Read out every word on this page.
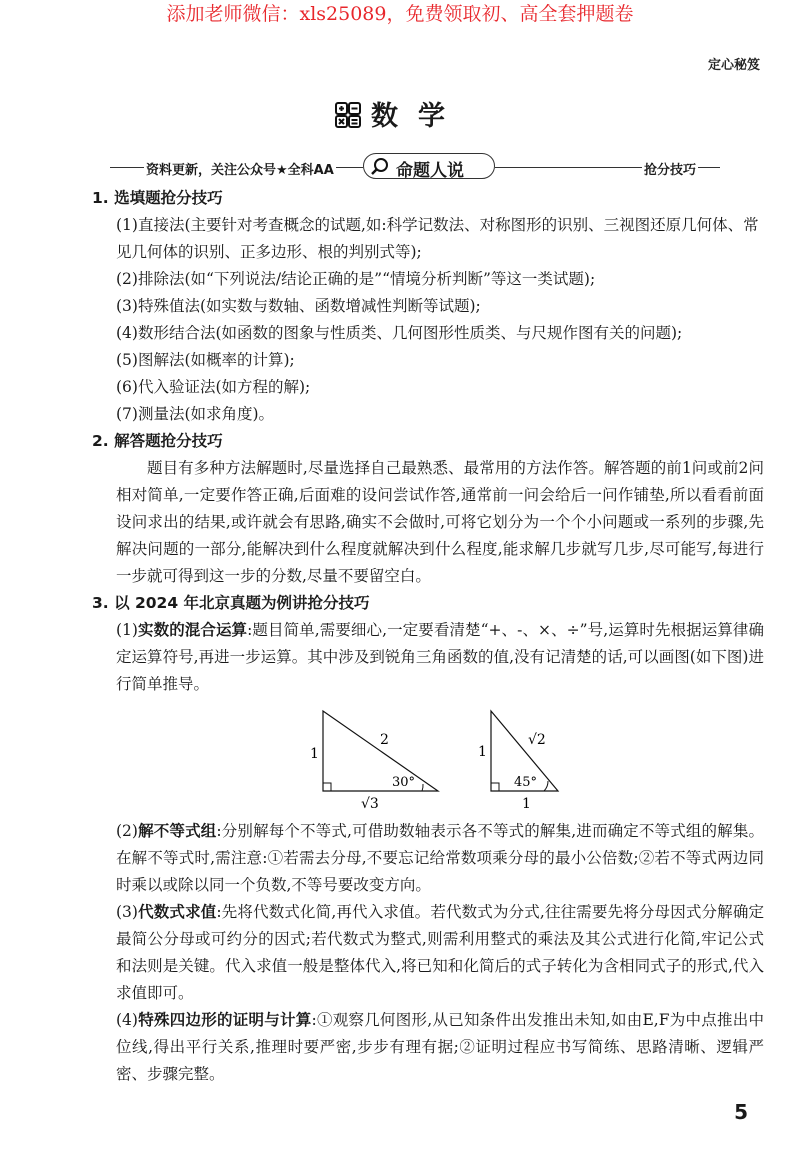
添加老师微信：xls25089，免费领取初、高全套押题卷
定心秘笈
数学
资料更新，关注公众号★全科AA	命题人说	抢分技巧

1. 选填题抢分技巧

(1)直接法(主要针对考查概念的试题,如:科学记数法、对称图形的识别、三视图还原几何体、常见几何体的识别、正多边形、根的判别式等);

(2)排除法(如“下列说法/结论正确的是”“情境分析判断”等这一类试题);

(3)特殊值法(如实数与数轴、函数增减性判断等试题);

(4)数形结合法(如函数的图象与性质类、几何图形性质类、与尺规作图有关的问题);

(5)图解法(如概率的计算);

(6)代入验证法(如方程的解);

(7)测量法(如求角度)。

2. 解答题抢分技巧

题目有多种方法解题时,尽量选择自己最熟悉、最常用的方法作答。解答题的前1问或前2问相对简单,一定要作答正确,后面难的设问尝试作答,通常前一问会给后一问作铺垫,所以看看前面设问求出的结果,或许就会有思路,确实不会做时,可将它划分为一个个小问题或一系列的步骤,先解决问题的一部分,能解决到什么程度就解决到什么程度,能求解几步就写几步,尽可能写,每进行一步就可得到这一步的分数,尽量不要留空白。

3. 以 2024 年北京真题为例讲抢分技巧

(1)实数的混合运算:题目简单,需要细心,一定要看清楚“+、-、×、÷”号,运算时先根据运算律确定运算符号,再进一步运算。其中涉及到锐角三角函数的值,没有记清楚的话,可以画图(如下图)进行简单推导。

1
2
30°
√3
1
√2
45°
1

(2)解不等式组:分别解每个不等式,可借助数轴表示各不等式的解集,进而确定不等式组的解集。在解不等式时,需注意:①若需去分母,不要忘记给常数项乘分母的最小公倍数;②若不等式两边同时乘以或除以同一个负数,不等号要改变方向。

(3)代数式求值:先将代数式化简,再代入求值。若代数式为分式,往往需要先将分母因式分解确定最简公分母或可约分的因式;若代数式为整式,则需利用整式的乘法及其公式进行化简,牢记公式和法则是关键。代入求值一般是整体代入,将已知和化简后的式子转化为含相同式子的形式,代入求值即可。

(4)特殊四边形的证明与计算:①观察几何图形,从已知条件出发推出未知,如由E,F为中点推出中位线,得出平行关系,推理时要严密,步步有理有据;②证明过程应书写简练、思路清晰、逻辑严密、步骤完整。

5
